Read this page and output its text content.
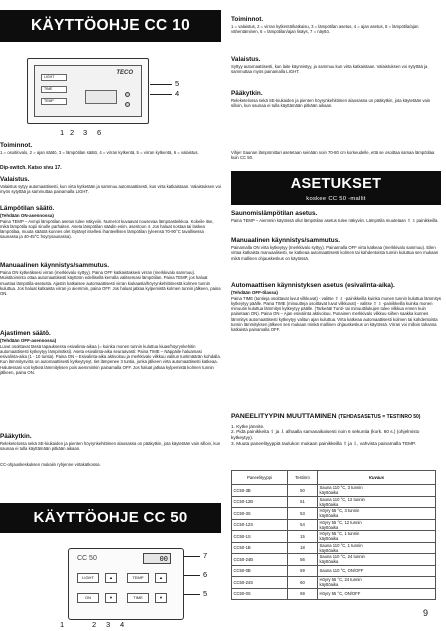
KÄYTTÖOHJE CC 10
TECO
LIGHT
TIME
TEMP
5
4
1 2 3 6
Toiminnot.
1 = osoitinvalo, 2 = ajan säätö, 3 = lämpötilan säätö, 4 = virran kytkentä, 5 = virran kytkentä, 6 = valaistus.
Dip-switch. Katso sivu 17.
Valaistus.
Valaistus sytyy automaattisesti, kun virta kytketään ja sammuu automaattisesti, kun virta katkaistaan. Valaistuksen voi myös sytyttää ja sammuttaa painamalla LIGHT.
Lämpötilan säätö.
(Tehdään ON-asennossa)
Paina TEMP – Avmpi lämpötilan asetus tulee näkyviin. Numerot kuvaavat nousevaa lämpöasteikkoa. Kokeile itse, mikä lämpötila sopii sinulle parhaiten. Aseta lämpötilan säädin esim. asentoon 4. Jos haluat nostaa tai laskea lämpötilaa, muuta säätöä kunnes olet löytänyt itsellesi ihanteellisen lämpötilan (yleensä 70-90°C tavallisessa saunassa ja 40-45°C höyrysaunassa).
Manuaalinen käynnistys/sammutus.
Paina ON kytkeäksesi virran (merkkivalo syttyy). Paina OFF katkaistaksesi virran (merkkivalo sammuu). Muistitoiminto ottaa automaattisesti käyttöön edellisellä kerralla valitsemasi lämpötilan. Paina TEMP, jos haluat muuttaa lämpötila-asetusta. Ajastin katkaisee automaattisesti virran kiukaasta/höyrynkehittimestä kolmen tunnin kuluttua. Jos haluat katkaista virran jo aiemmin, paina OFF. Jos haluat jatkaa kylpemistä kolmen tunnin jälkeen, paina ON.
Ajastimen säätö.
(Tehdään OFF-asennossa)
Luvut osoittavat tässä tapauksessa esivalinta-aikaa (= kuinka monen tunnin kuluttua kiuas/höyrynkehitin automaattisesti kytkeytyy lämpimäksi). Aseta esivalinta-aika seuraavasti: Paina TIME – Näppäile haluamasi esivalinta-aika (1 - 10 tuntia). Paina ON – Esivalinta-aika aktivoituu ja merkkivalo vilkkuu valitun tuntimäärän kohdalla. Kun lämmitysvirta on automaattisesti kytkeytynyt, tiet lämpenee 3 tuntia, jonka jälkeen virta automaattisesti katkeaa. Halutessasi voit kytkeä lämmityksen pois aiemminkin painamalla OFF. Jos haluat jatkaa kylpemistä kolmen tunnin jälkeen, paina ON.
Pääkytkin.
Releketelossa sekä SE-kiukaiden ja pienten höyrynkehittimen alaosassa on pääkytkin, jota käytetään vain silloin, kun saunaa ei tulla käyttämään pitkään aikaan.
CC-ohjauskeskuksen mukaiin ryhjenne virtakatkossa.
KÄYTTÖOHJE CC 50
CC 50	00
LIGHT	▲	TEMP	▲
ON	▼	TIME	▼
7
6
5
1	2 3 4
Toiminnot.
1 = valaistus, 2 = virran kytkentä/katkaisu, 3 = lämpötilan asetus, 4 = ajan asetus, 5 = lämpötila/ajan vähentäminen, 6 = lämpötilan/ajan lisäys, 7 = näyttö.
Valaistus.
Syttyy automaattisesti, kun laite käynnistyy, ja sammuu kun virta katkaistaan. Valaistuksen voi sytyttää ja sammuttaa myös painamalla LIGHT.
Pääkytkin.
Releketelossa sekä SE-kiukaiden ja pienten höyrynkehittimen alaosassa on pääkytkin, jota käytetään vain silloin, kun saunaa ei tulla käyttämään pitkään aikaan.
Vihje! Saunan lämpömittari asetetaan seinään noin 70-80 cm korkeudelle, että se osoittaa samaa lämpötilaa kuin CC 50.
ASETUKSET
koskee CC 50 -mallit
Saunomislämpötilan asetus.
Paina TEMP – Aiemmin käytössä ollut lämpötilan asetus tulee näkyviin. Lämpötila muutetaan ⇧ ⇩ painikkeilla.
Manuaalinen käynnistys/sammutus.
Painamalla ON virta kytkeytyy (merkkivalo syttyy). Painamalla OFF virta katkeaa (merkkivalo sammuu). Eilen virtaa katkaista manuaalisesti, se katkeaa automaattisesti kolmen tai kahdentoista tunnin kuluttua sen mukaan mikä mallinen ohjauskeskus on käytössä.
Automaattisen käynnistyksen asetus (esivalinta-aika).
(Tehdään OFF-tilassa)
Paina TIME (tuntieja osoittavat luvut vilkkuvat) - valitse ⇧ ⇩ -painikkeilla kuinka monen tunnin kuluttua lämmitys kytkeytyy päälle. Paina TIME (minuutteja osoittavat luvut vilkkuvat) - valitse ⇧ ⇩ -painikkeilla kuinka monen minuutin kuluttua lämmitys kytkeytyy päälle. (Tarkeää! Tunti- tai minuuttilukujen tulee vilkkua ennen kuin painetaan ON). Paina ON – Ajan esivalinta aktivoituu. Punainen merkkivalo vilkkuu siihen saakka kunnes lämmitys automaattisesti kytkeytyy valitun ajan kuluttua. Virta katkeaa automaattisesti kolmen tai kahdentoista tunnin lämmityksen jälkeen sen mukaan minkä mallinen ohjauskeskus on käytössä. Virran voi milloin tahansa katkaista painamalla OFF.
PANEELITYYPIN MUUTTAMINEN (TEHDASASETUS = TESTINRO 50)
1. Kytke jännite.
2. Pidä painikkeita ⇧ ja ⇩ alhaalla samanaikaisesti noin 6 sekuntia (kork. 60 s.) (ohjelmisto kytkeytyy).
3. Muuta paneelityyppiä taulukon mukaan painikkeilla ⇧ ja ⇩, vahvista painamalla TEMP.
Paneelityyppi	Testinro	Kuvaus
CC50-3B	50	Sauna 110 °C, 3 tunnin
käyttöaika

CC50-12B	51	Sauna 110 °C, 12 tunnin
käyttöaika

CC50-3S	53	Höyry 55 °C, 3 tunnin
käyttöaika

CC50-12S	54	Höyry 55 °C, 12 tunnin
käyttöaika

CC50-1S	15	Höyry 55 °C, 1 tunnin
käyttöaika

CC50-1B	18	Sauna 110 °C, 1 tunnin
käyttöaika

CC50-24B	56	Sauna 110 °C, 24 tunnin
käyttöaika

CC50-0B	59	Sauna 110 °C, ON/OFF

CC50-24S	60	Höyry 55 °C, 24 tunnin
käyttöaika

CC50-0S	69	Höyry 55 °C, ON/OFF
9
